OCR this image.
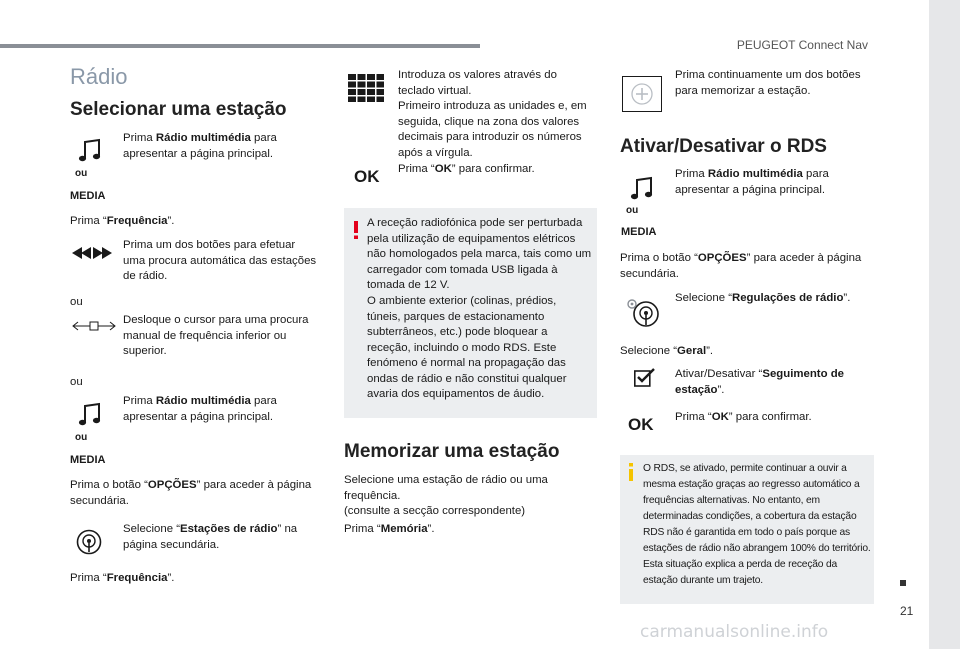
PEUGEOT Connect Nav
21
carmanualsonline.info
Rádio
Selecionar uma estação
ou
MEDIA
Prima Rádio multimédia para apresentar a página principal.
Prima “Frequência”.
Prima um dos botões para efetuar uma procura automática das estações de rádio.
ou
Desloque o cursor para uma procura manual de frequência inferior ou superior.
ou
ou
MEDIA
Prima Rádio multimédia para apresentar a página principal.
Prima o botão “OPÇÕES” para aceder à página secundária.
Selecione “Estações de rádio” na página secundária.
Prima “Frequência”.
Introduza os valores através do teclado virtual.
Primeiro introduza as unidades e, em seguida, clique na zona dos valores decimais para introduzir os números após a vírgula.
OK Prima “OK” para confirmar.
A receção radiofónica pode ser perturbada pela utilização de equipamentos elétricos não homologados pela marca, tais como um carregador com tomada USB ligada à tomada de 12 V.
O ambiente exterior (colinas, prédios, túneis, parques de estacionamento subterrâneos, etc.) pode bloquear a receção, incluindo o modo RDS. Este fenómeno é normal na propagação das ondas de rádio e não constitui qualquer avaria dos equipamentos de áudio.
Memorizar uma estação
Selecione uma estação de rádio ou uma frequência.
(consulte a secção correspondente)
Prima “Memória”.
Prima continuamente um dos botões para memorizar a estação.
Ativar/Desativar o RDS
ou
MEDIA
Prima Rádio multimédia para apresentar a página principal.
Prima o botão “OPÇÕES” para aceder à página secundária.
Selecione “Regulações de rádio”.
Selecione “Geral”.
Ativar/Desativar “Seguimento de estação”.
OK Prima “OK” para confirmar.
O RDS, se ativado, permite continuar a ouvir a mesma estação graças ao regresso automático a frequências alternativas. No entanto, em determinadas condições, a cobertura da estação RDS não é garantida em todo o país porque as estações de rádio não abrangem 100% do território. Esta situação explica a perda de receção da estação durante um trajeto.
